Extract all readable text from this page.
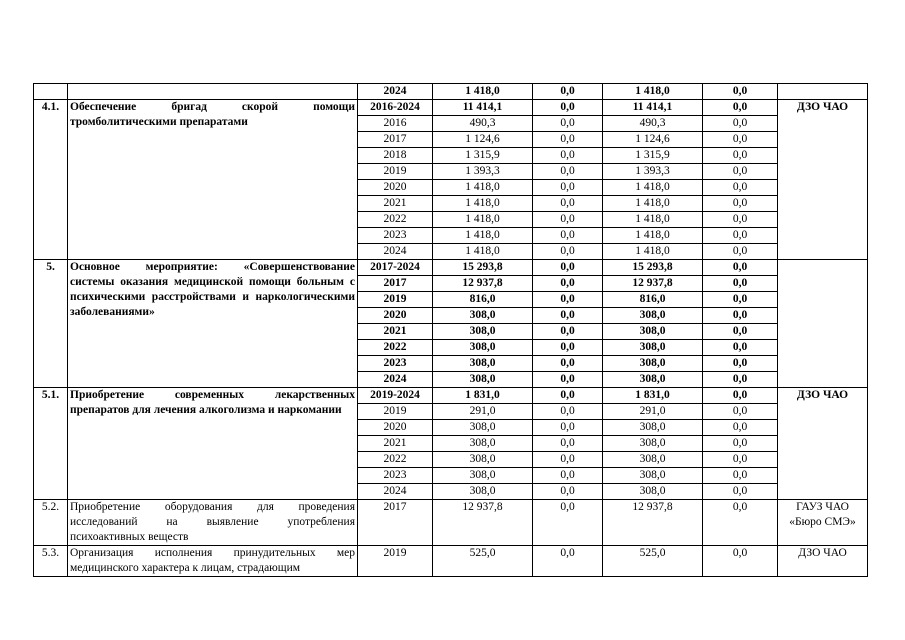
		2024	1 418,0	0,0	1 418,0	0,0	
4.1.	Обеспечение бригад скорой помощи тромболитическими препаратами	2016-2024	11 414,1	0,0	11 414,1	0,0	ДЗО ЧАО
		2016	490,3	0,0	490,3	0,0	
		2017	1 124,6	0,0	1 124,6	0,0	
		2018	1 315,9	0,0	1 315,9	0,0	
		2019	1 393,3	0,0	1 393,3	0,0	
		2020	1 418,0	0,0	1 418,0	0,0	
		2021	1 418,0	0,0	1 418,0	0,0	
		2022	1 418,0	0,0	1 418,0	0,0	
		2023	1 418,0	0,0	1 418,0	0,0	
		2024	1 418,0	0,0	1 418,0	0,0	
5.	Основное мероприятие: «Совершенствование системы оказания медицинской помощи больным с психическими расстройствами и наркологическими заболеваниями»	2017-2024	15 293,8	0,0	15 293,8	0,0	
		2017	12 937,8	0,0	12 937,8	0,0	
		2019	816,0	0,0	816,0	0,0	
		2020	308,0	0,0	308,0	0,0	
		2021	308,0	0,0	308,0	0,0	
		2022	308,0	0,0	308,0	0,0	
		2023	308,0	0,0	308,0	0,0	
		2024	308,0	0,0	308,0	0,0	
5.1.	Приобретение современных лекарственных препаратов для лечения алкоголизма и наркомании	2019-2024	1 831,0	0,0	1 831,0	0,0	ДЗО ЧАО
		2019	291,0	0,0	291,0	0,0	
		2020	308,0	0,0	308,0	0,0	
		2021	308,0	0,0	308,0	0,0	
		2022	308,0	0,0	308,0	0,0	
		2023	308,0	0,0	308,0	0,0	
		2024	308,0	0,0	308,0	0,0	
5.2.	Приобретение оборудования для проведения исследований на выявление употребления психоактивных веществ	2017	12 937,8	0,0	12 937,8	0,0	ГАУЗ ЧАО «Бюро СМЭ»
5.3.	Организация исполнения принудительных мер медицинского характера к лицам, страдающим	2019	525,0	0,0	525,0	0,0	ДЗО ЧАО
